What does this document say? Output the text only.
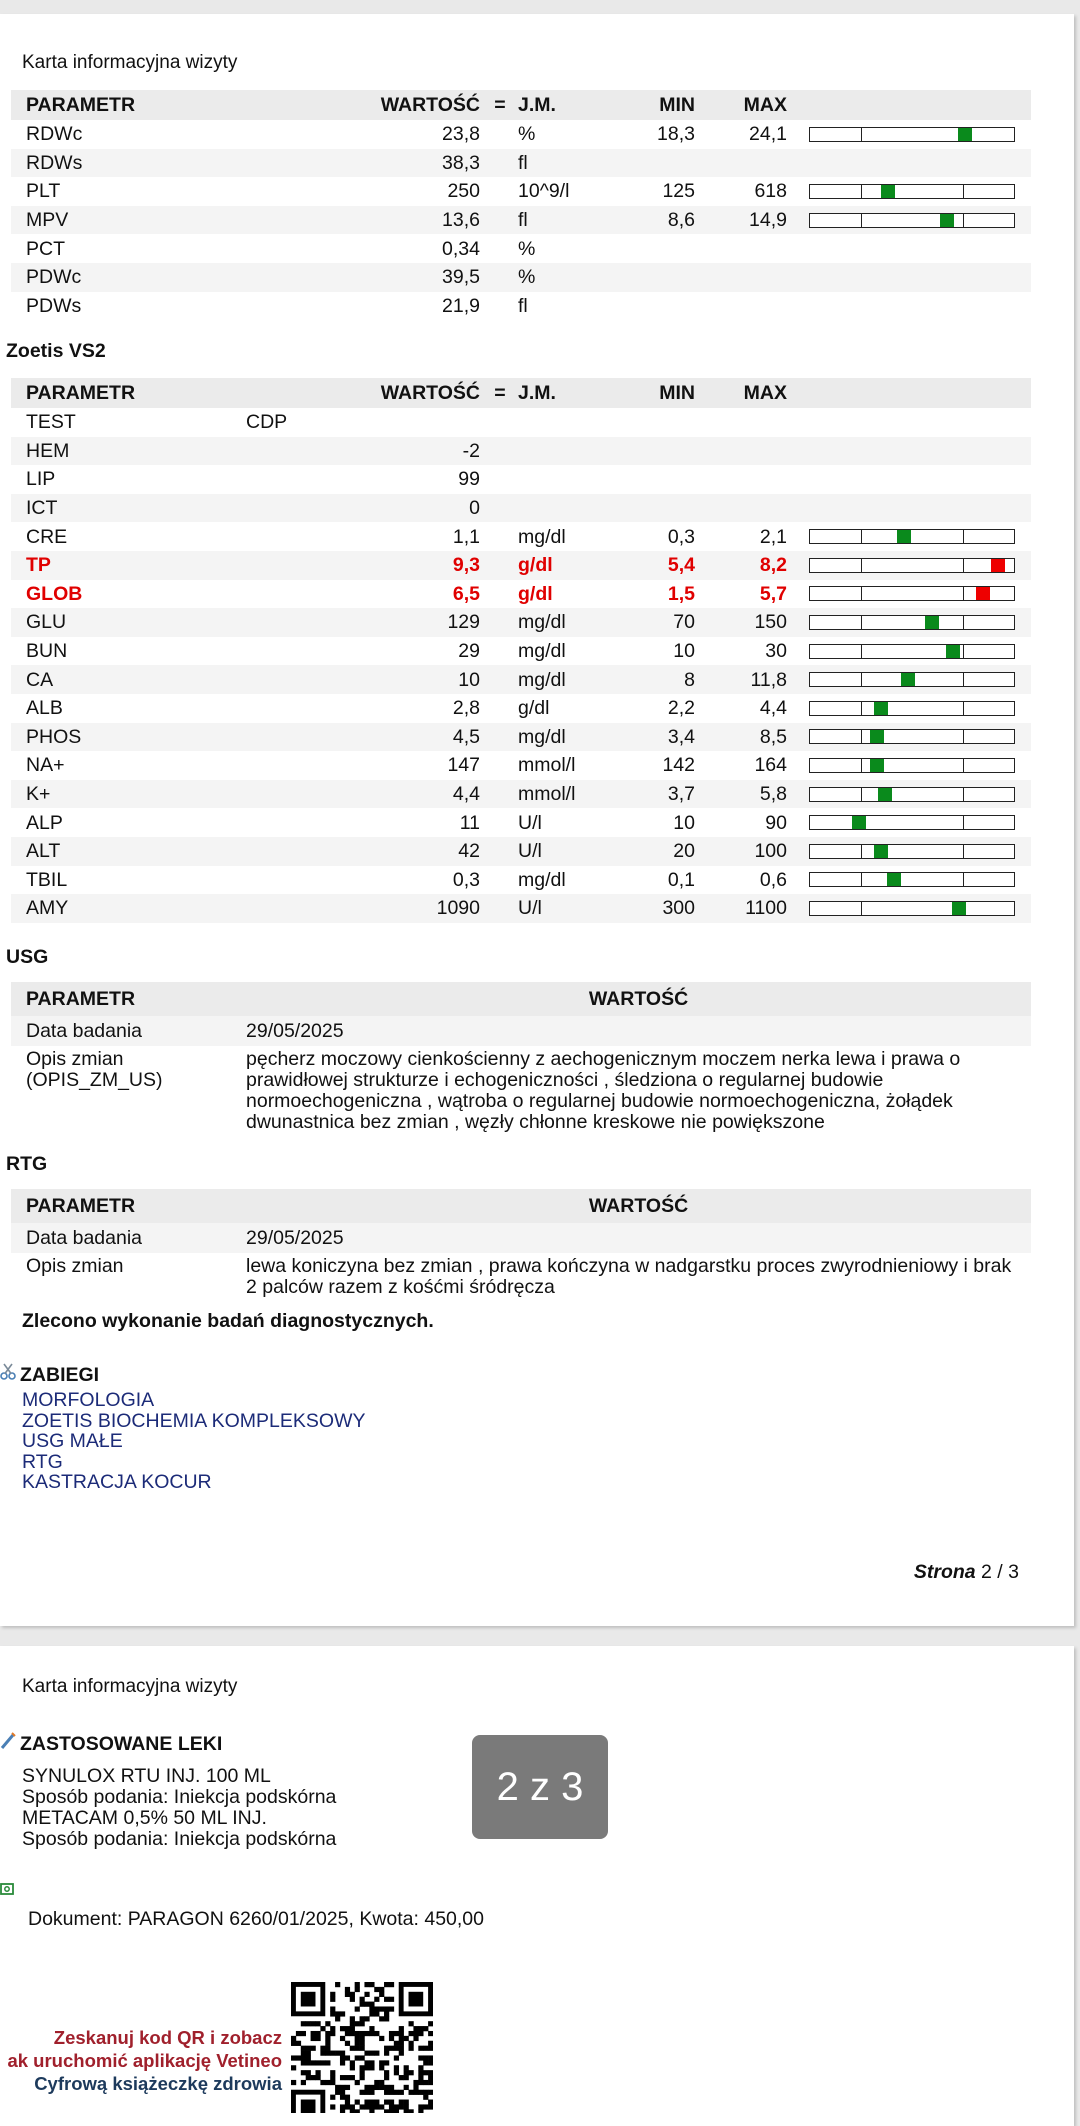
Karta informacyjna wizyty
PARAMETR		WARTOŚĆ	=	J.M.	MIN	MAX	
RDWc		23,8		%	18,3	24,1	

RDWs		38,3		fl			
PLT		250		10^9/l	125	618	

MPV		13,6		fl	8,6	14,9	

PCT		0,34		%			
PDWc		39,5		%			
PDWs		21,9		fl			
Zoetis VS2
PARAMETR		WARTOŚĆ	=	J.M.	MIN	MAX	
TEST	CDP						
HEM		-2					
LIP		99					
ICT		0					
CRE		1,1		mg/dl	0,3	2,1	

TP		9,3		g/dl	5,4	8,2	

GLOB		6,5		g/dl	1,5	5,7	

GLU		129		mg/dl	70	150	

BUN		29		mg/dl	10	30	

CA		10		mg/dl	8	11,8	

ALB		2,8		g/dl	2,2	4,4	

PHOS		4,5		mg/dl	3,4	8,5	

NA+		147		mmol/l	142	164	

K+		4,4		mmol/l	3,7	5,8	

ALP		11		U/l	10	90	

ALT		42		U/l	20	100	

TBIL		0,3		mg/dl	0,1	0,6	

AMY		1090		U/l	300	1100	
USG
PARAMETR	WARTOŚĆ
Data badania	29/05/2025

Opis zmian
(OPIS_ZM_US)	pęcherz moczowy cienkościenny z aechogenicznym moczem nerka lewa i prawa o prawidłowej strukturze i echogeniczności , śledziona o regularnej budowie normoechogeniczna , wątroba o regularnej budowie normoechogeniczna, żołądek dwunastnica bez zmian , węzły chłonne kreskowe nie powiększone
RTG
PARAMETR	WARTOŚĆ
Data badania	29/05/2025
Opis zmian	lewa koniczyna bez zmian , prawa kończyna w nadgarstku proces zwyrodnieniowy i brak 2 palców razem z kośćmi śródręcza
Zlecono wykonanie badań diagnostycznych.
ZABIEGI
MORFOLOGIA
ZOETIS BIOCHEMIA KOMPLEKSOWY
USG MAŁE
RTG
KASTRACJA KOCUR
Strona 2 / 3
Karta informacyjna wizyty
ZASTOSOWANE LEKI
SYNULOX RTU INJ. 100 ML
Sposób podania: Iniekcja podskórna
METACAM 0,5% 50 ML INJ.
Sposób podania: Iniekcja podskórna
Dokument: PARAGON 6260/01/2025, Kwota: 450,00
Zeskanuj kod QR i zobacz
ak uruchomić aplikację Vetineo
Cyfrową książeczkę zdrowia
2 z 3
